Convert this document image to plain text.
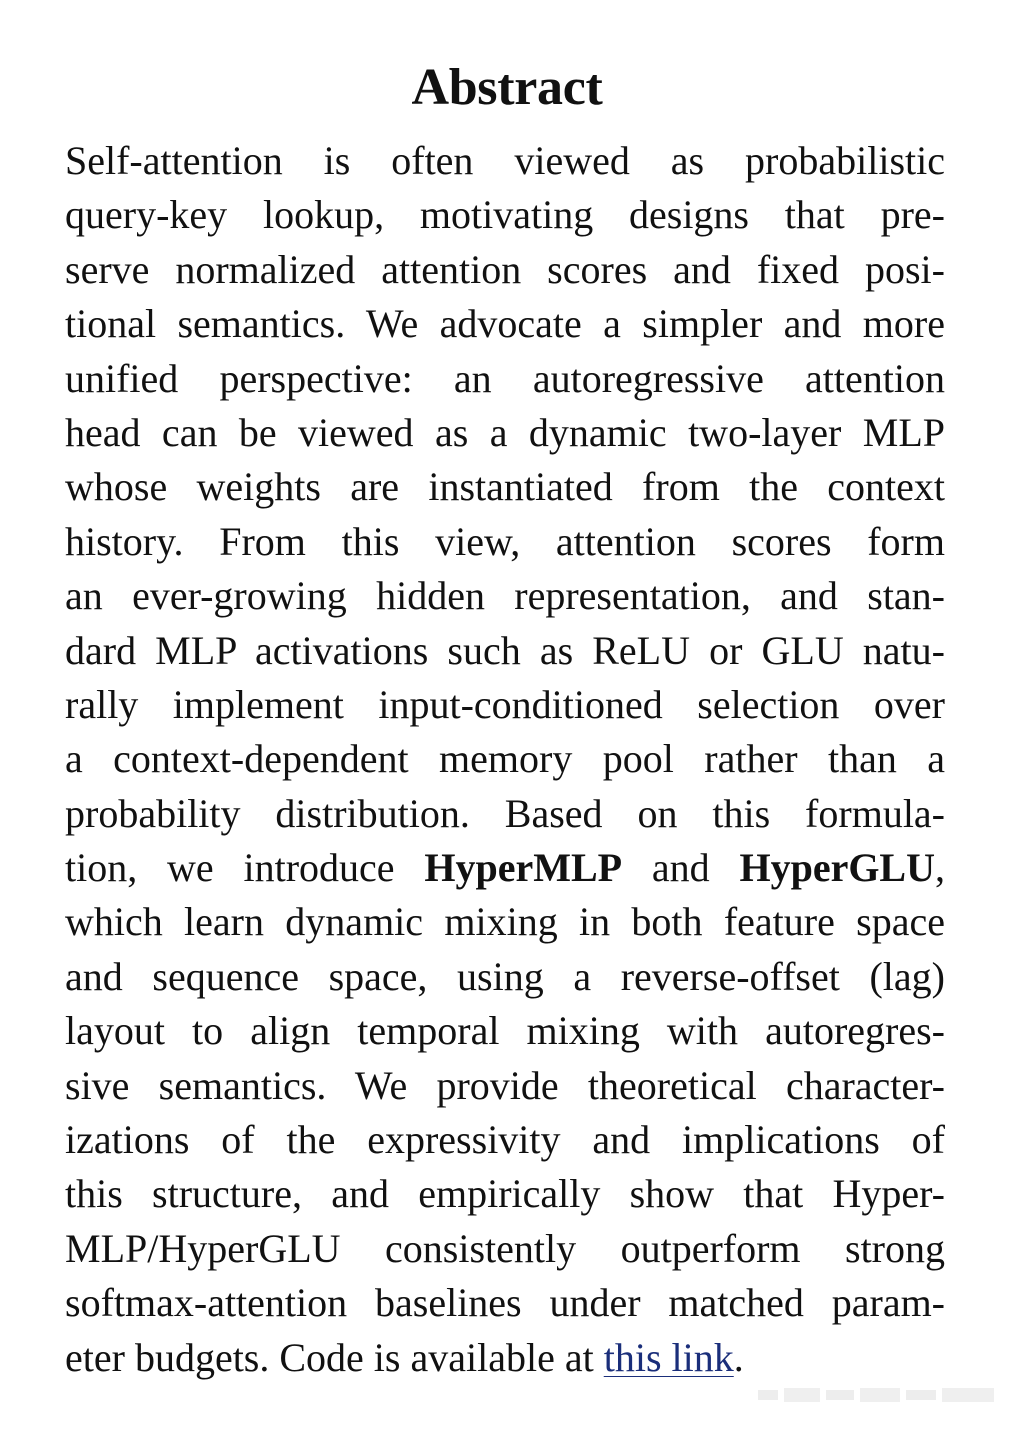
Abstract
Self-attention is often viewed as probabilistic
query-key lookup, motivating designs that pre-
serve normalized attention scores and fixed posi-
tional semantics. We advocate a simpler and more
unified perspective: an autoregressive attention
head can be viewed as a dynamic two-layer MLP
whose weights are instantiated from the context
history. From this view, attention scores form
an ever-growing hidden representation, and stan-
dard MLP activations such as ReLU or GLU natu-
rally implement input-conditioned selection over
a context-dependent memory pool rather than a
probability distribution. Based on this formula-
tion, we introduce HyperMLP and HyperGLU,
which learn dynamic mixing in both feature space
and sequence space, using a reverse-offset (lag)
layout to align temporal mixing with autoregres-
sive semantics. We provide theoretical character-
izations of the expressivity and implications of
this structure, and empirically show that Hyper-
MLP/HyperGLU consistently outperform strong
softmax-attention baselines under matched param-
eter budgets. Code is available at this link.
